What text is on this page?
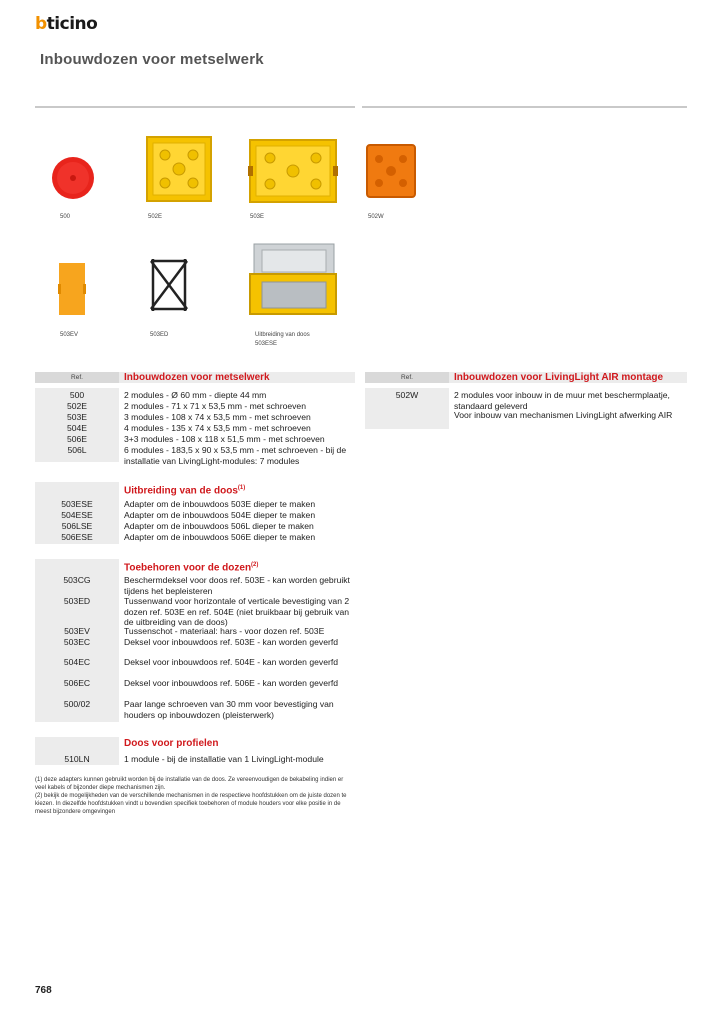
bticino
Inbouwdozen voor metselwerk
500	502E	503E	502W
503EV	503ED	Uitbreiding van doos
503ESE
Ref.	Inbouwdozen voor metselwerk
500	2 modules - Ø 60 mm - diepte 44 mm
502E	2 modules - 71 x 71 x 53,5 mm - met schroeven
503E	3 modules - 108 x 74 x 53,5 mm - met schroeven
504E	4 modules - 135 x 74 x 53,5 mm - met schroeven
506E	3+3 modules - 108 x 118 x 51,5 mm - met schroeven
506L	6 modules - 183,5 x 90 x 53,5 mm - met schroeven - bij de installatie van LivingLight-modules: 7 modules
Uitbreiding van de doos$^{(1)}$
503ESE	Adapter om de inbouwdoos 503E dieper te maken
504ESE	Adapter om de inbouwdoos 504E dieper te maken
506LSE	Adapter om de inbouwdoos 506L dieper te maken
506ESE	Adapter om de inbouwdoos 506E dieper te maken
Toebehoren voor de dozen$^{(2)}$
503CG	Beschermdeksel voor doos ref. 503E - kan worden gebruikt tijdens het bepleisteren
503ED	Tussenwand voor horizontale of verticale bevestiging van 2 dozen ref. 503E en ref. 504E (niet bruikbaar bij gebruik van de uitbreiding van de doos)
503EV	Tussenschot - materiaal: hars - voor dozen ref. 503E
503EC	Deksel voor inbouwdoos ref. 503E - kan worden geverfd
504EC	Deksel voor inbouwdoos ref. 504E - kan worden geverfd
506EC	Deksel voor inbouwdoos ref. 506E - kan worden geverfd
500/02	Paar lange schroeven van 30 mm voor bevestiging van houders op inbouwdozen (pleisterwerk)
Doos voor profielen
510LN	1 module - bij de installatie van 1 LivingLight-module
Ref.	Inbouwdozen voor LivingLight AIR montage
502W	2 modules voor inbouw in de muur met beschermplaatje, standaard geleverd
Voor inbouw van mechanismen LivingLight afwerking AIR
(1) deze adapters kunnen gebruikt worden bij de installatie van de doos. Ze vereenvoudigen de bekabeling indien er veel kabels of bijzonder diepe mechanismen zijn.
(2) bekijk de mogelijkheden van de verschillende mechanismen in de respectieve hoofdstukken om de juiste dozen te kiezen. In diezelfde hoofdstukken vindt u bovendien specifiek toebehoren of module houders voor elke positie in de meest bijzondere omgevingen
768
